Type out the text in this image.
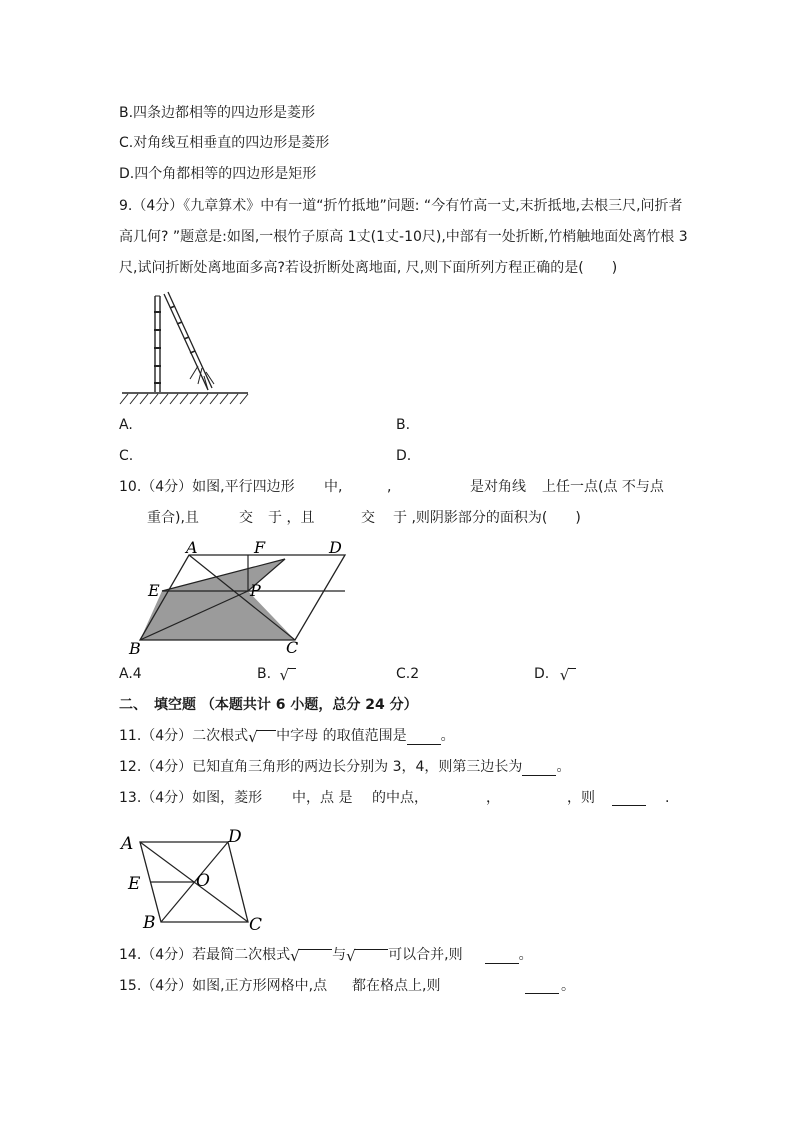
B.四条边都相等的四边形是菱形
C.对角线互相垂直的四边形是菱形
D.四个角都相等的四边形是矩形
9.（4分）《九章算术》中有一道“折竹抵地”问题: “今有竹高一丈,末折抵地,去根三尺,问折者
高几何? ”题意是:如图,一根竹子原高 1丈(1丈-10尺),中部有一处折断,竹梢触地面处离竹根 3
尺,试问折断处离地面多高?若设折断处离地面, 尺,则下面所列方程正确的是(　　)
A.	B.
C.	D.
10.（4分）如图,平行四边形 中,	,	是对角线 上任一点(点 不与点
重合),且	交 于 ，且	交 于 ,则阴影部分的面积为(　　)
A	F	D
E	P
B	C
A.4	B. √	C.2	D. √
二、　填空题 （本题共计 6 小题，总分 24 分）
11.（4分）二次根式 √ 中字母 的取值范围是 。
12.（4分）已知直角三角形的两边长分别为 3，4，则第三边长为 。
13.（4分）如图，菱形 中，点 是 的中点，	，	，则	.
A	D
E	O
B	C
14.（4分）若最简二次根式 √ 与 √ 可以合并,则	。
15.（4分）如图,正方形网格中,点 都在格点上,则	。
